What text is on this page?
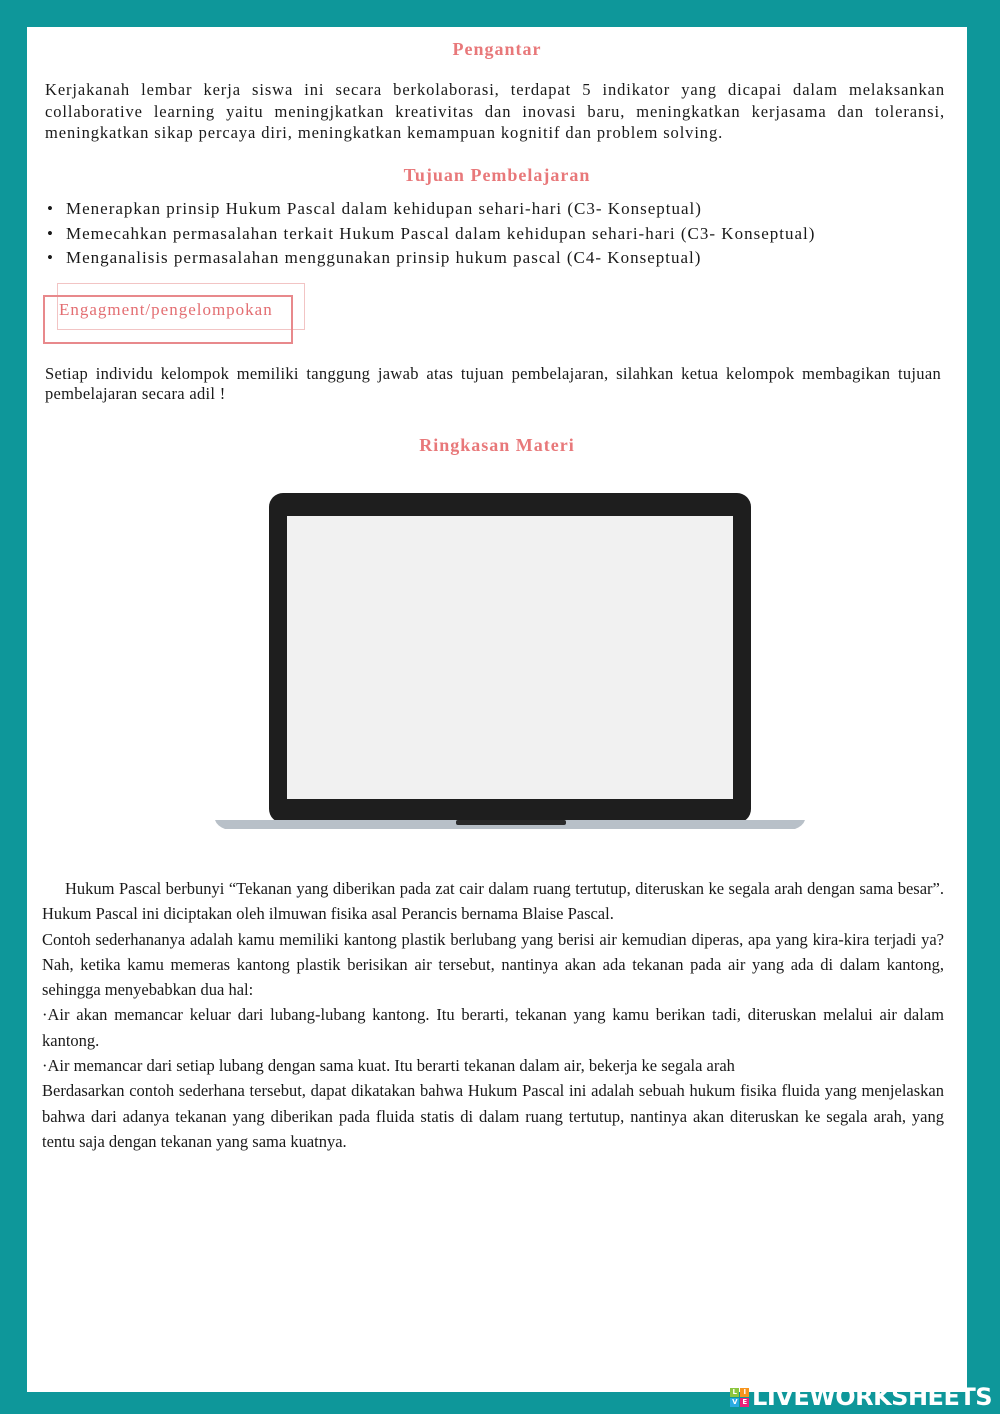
Pengantar

Kerjakanah lembar kerja siswa ini secara berkolaborasi, terdapat 5 indikator yang dicapai dalam melaksankan collaborative learning yaitu meningjkatkan kreativitas dan inovasi baru, meningkatkan kerjasama dan toleransi, meningkatkan sikap percaya diri, meningkatkan kemampuan kognitif dan problem solving.

Tujuan Pembelajaran
• Menerapkan prinsip Hukum Pascal dalam kehidupan sehari-hari (C3- Konseptual)
• Memecahkan permasalahan terkait Hukum Pascal dalam kehidupan sehari-hari (C3- Konseptual)
• Menganalisis permasalahan menggunakan prinsip hukum pascal (C4- Konseptual)

Engagment/pengelompokan

Setiap individu kelompok memiliki tanggung jawab atas tujuan pembelajaran, silahkan ketua kelompok membagikan tujuan pembelajaran secara adil !

Ringkasan Materi

Hukum Pascal berbunyi “Tekanan yang diberikan pada zat cair dalam ruang tertutup, diteruskan ke segala arah dengan sama besar”. Hukum Pascal ini diciptakan oleh ilmuwan fisika asal Perancis bernama Blaise Pascal.

Contoh sederhananya adalah kamu memiliki kantong plastik berlubang yang berisi air kemudian diperas, apa yang kira-kira terjadi ya? Nah, ketika kamu memeras kantong plastik berisikan air tersebut, nantinya akan ada tekanan pada air yang ada di dalam kantong, sehingga menyebabkan dua hal:

·Air akan memancar keluar dari lubang-lubang kantong. Itu berarti, tekanan yang kamu berikan tadi, diteruskan melalui air dalam kantong.

·Air memancar dari setiap lubang dengan sama kuat. Itu berarti tekanan dalam air, bekerja ke segala arah

Berdasarkan contoh sederhana tersebut, dapat dikatakan bahwa Hukum Pascal ini adalah sebuah hukum fisika fluida yang menjelaskan bahwa dari adanya tekanan yang diberikan pada fluida statis di dalam ruang tertutup, nantinya akan diteruskan ke segala arah, yang tentu saja dengan tekanan yang sama kuatnya.

L I
V E LIVEWORKSHEETS
